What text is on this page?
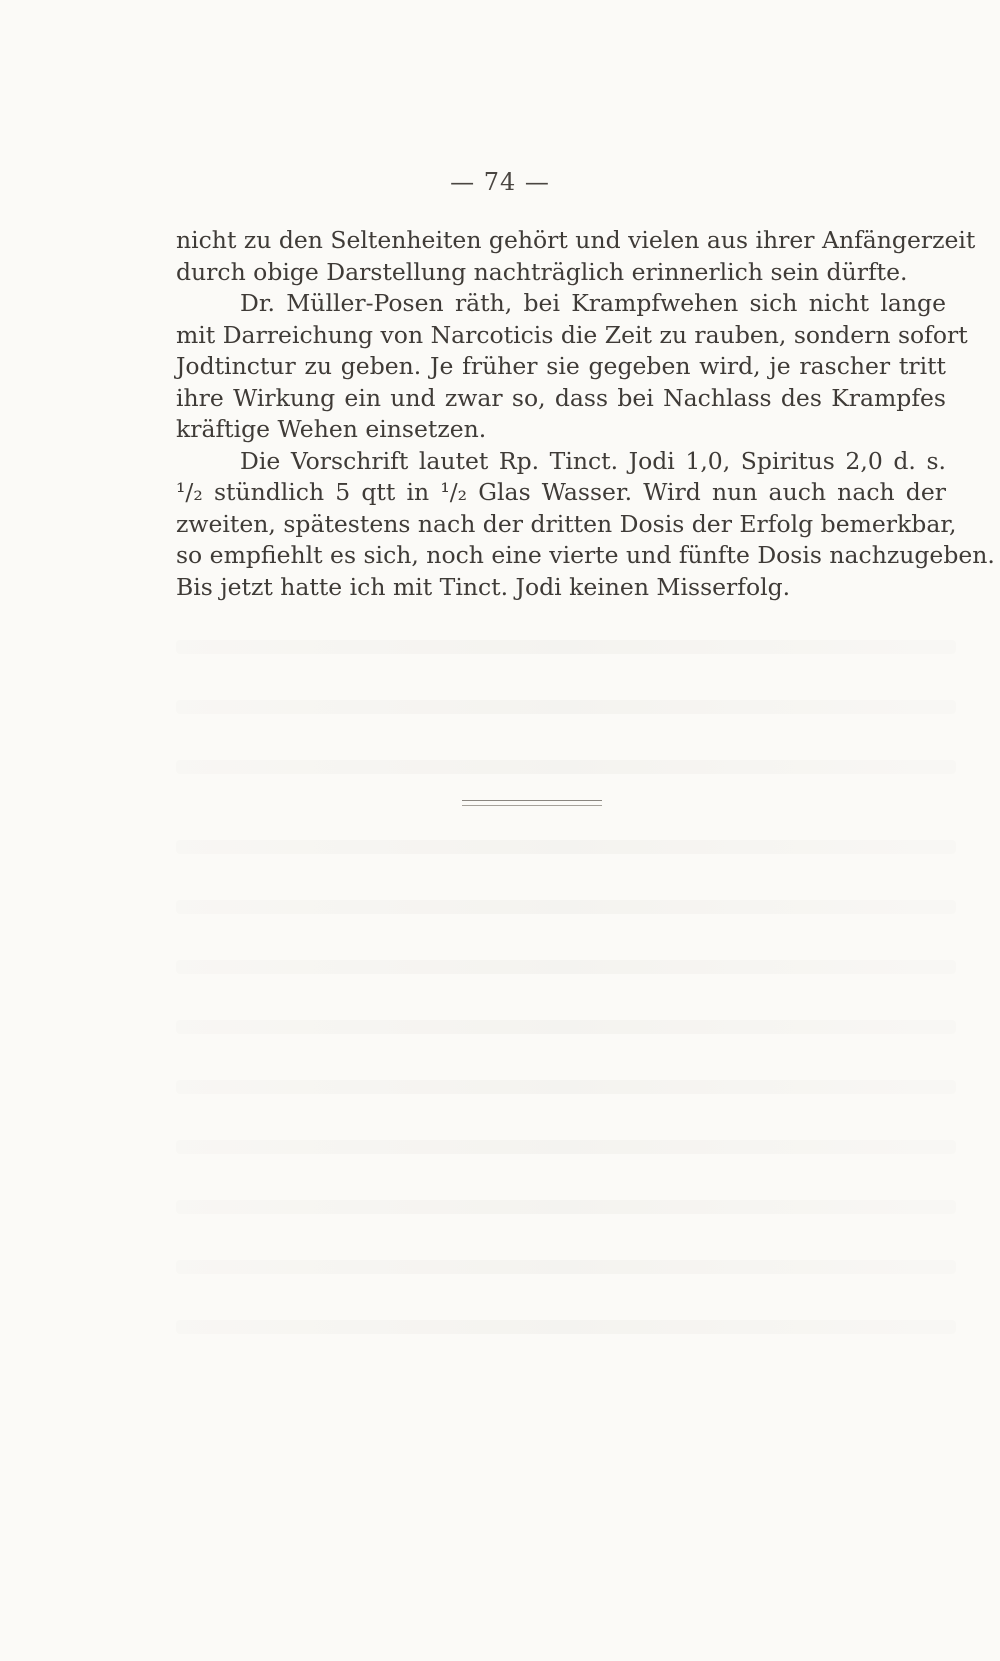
— 74 —

nicht zu den Seltenheiten gehört und vielen aus ihrer Anfängerzeit
durch obige Darstellung nachträglich erinnerlich sein dürfte.

Dr. Müller-Posen räth, bei Krampfwehen sich nicht lange
mit Darreichung von Narcoticis die Zeit zu rauben, sondern sofort
Jodtinctur zu geben. Je früher sie gegeben wird, je rascher tritt
ihre Wirkung ein und zwar so, dass bei Nachlass des Krampfes
kräftige Wehen einsetzen.

Die Vorschrift lautet Rp. Tinct. Jodi 1,0, Spiritus 2,0 d. s.
¹/₂ stündlich 5 qtt in ¹/₂ Glas Wasser. Wird nun auch nach der
zweiten, spätestens nach der dritten Dosis der Erfolg bemerkbar,
so empfiehlt es sich, noch eine vierte und fünfte Dosis nachzugeben.
Bis jetzt hatte ich mit Tinct. Jodi keinen Misserfolg.
